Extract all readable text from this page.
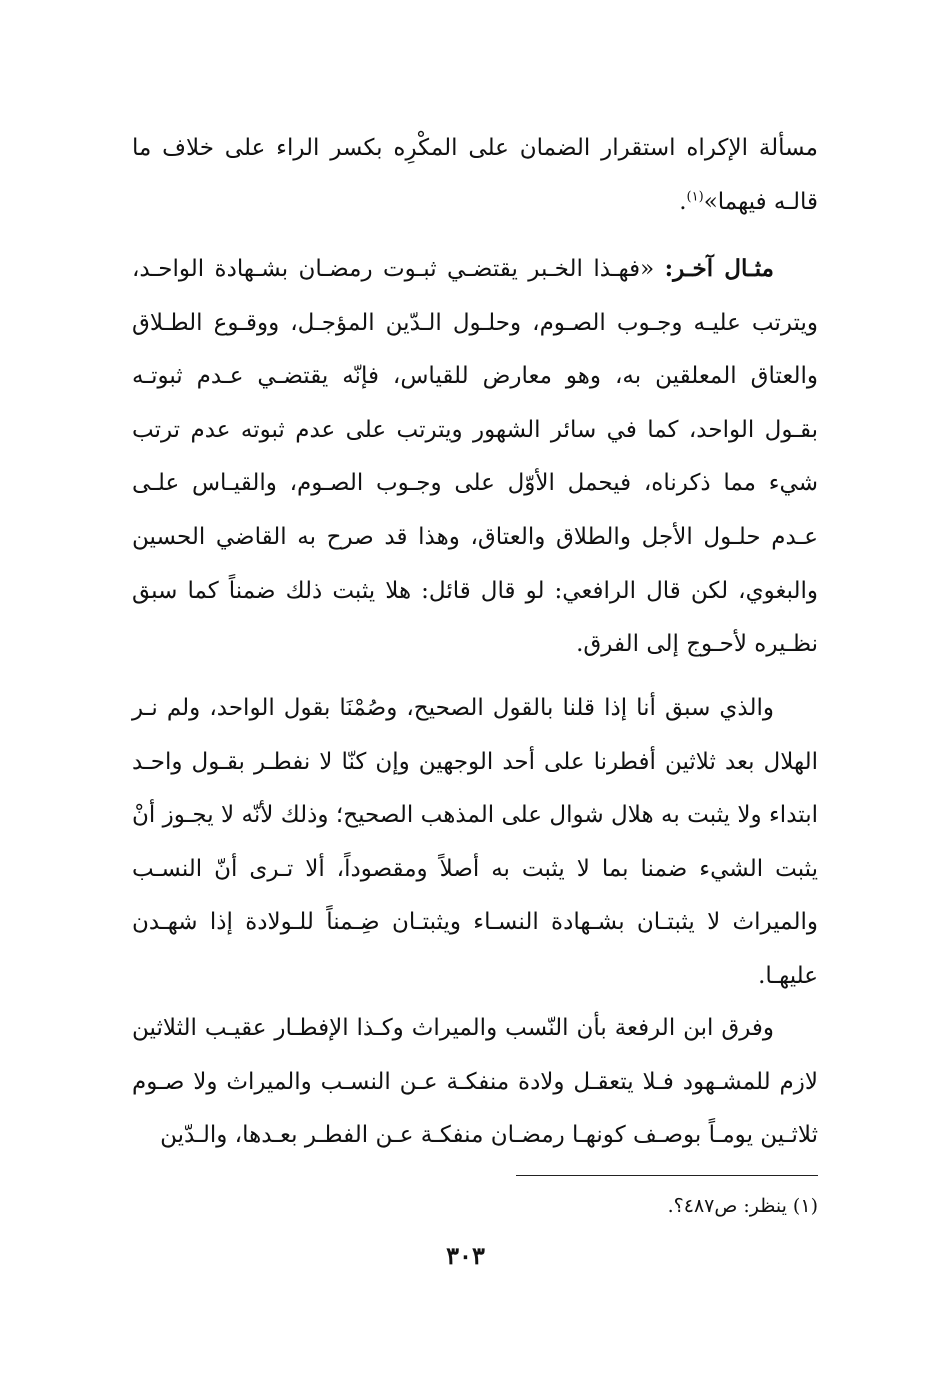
مسألة الإكراه استقرار الضمان على المكْرِه بكسر الراء على خلاف ما قالـه فيهما»$^{(١)}$.

مثـال آخـر: «فهـذا الخـبر يقتضـي ثبـوت رمضـان بشـهادة الواحـد، ويترتب عليـه وجـوب الصـوم، وحلـول الـدّين المؤجـل، ووقـوع الطـلاق والعتاق المعلقين به، وهو معارض للقياس، فإنّه يقتضـي عـدم ثبوتـه بقـول الواحد، كما في سائر الشهور ويترتب على عدم ثبوته عدم ترتب شيء مما ذكرناه، فيحمل الأوّل على وجـوب الصـوم، والقيـاس علـى عـدم حلـول الأجل والطلاق والعتاق، وهذا قد صرح به القاضي الحسين والبغوي، لكن قال الرافعي: لو قال قائل: هلا يثبت ذلك ضمناً كما سبق نظـيره لأحـوج إلى الفرق.

والذي سبق أنا إذا قلنا بالقول الصحيح، وصُمْنَا بقول الواحد، ولم نـر الهلال بعد ثلاثين أفطرنا على أحد الوجهين وإن كنّا لا نفطـر بقـول واحـد ابتداء ولا يثبت به هلال شوال على المذهب الصحيح؛ وذلك لأنّه لا يجـوز أنْ يثبت الشيء ضمنا بما لا يثبت به أصلاً ومقصوداً، ألا تـرى أنّ النسـب والميراث لا يثبتـان بشـهادة النسـاء ويثبتـان ضِـمناً للـولادة إذا شهـدن عليهـا.

وفرق ابن الرفعة بأن النّسب والميراث وكـذا الإفطـار عقيـب الثلاثين لازم للمشـهود فـلا يتعقـل ولادة منفكـة عـن النسـب والميراث ولا صـوم ثلاثـين يومـاً بوصـف كونهـا رمضـان منفكـة عـن الفطـر بعـدها، والـدّين

(١) ينظر: ص٤٨٧؟.
٣٠٣
